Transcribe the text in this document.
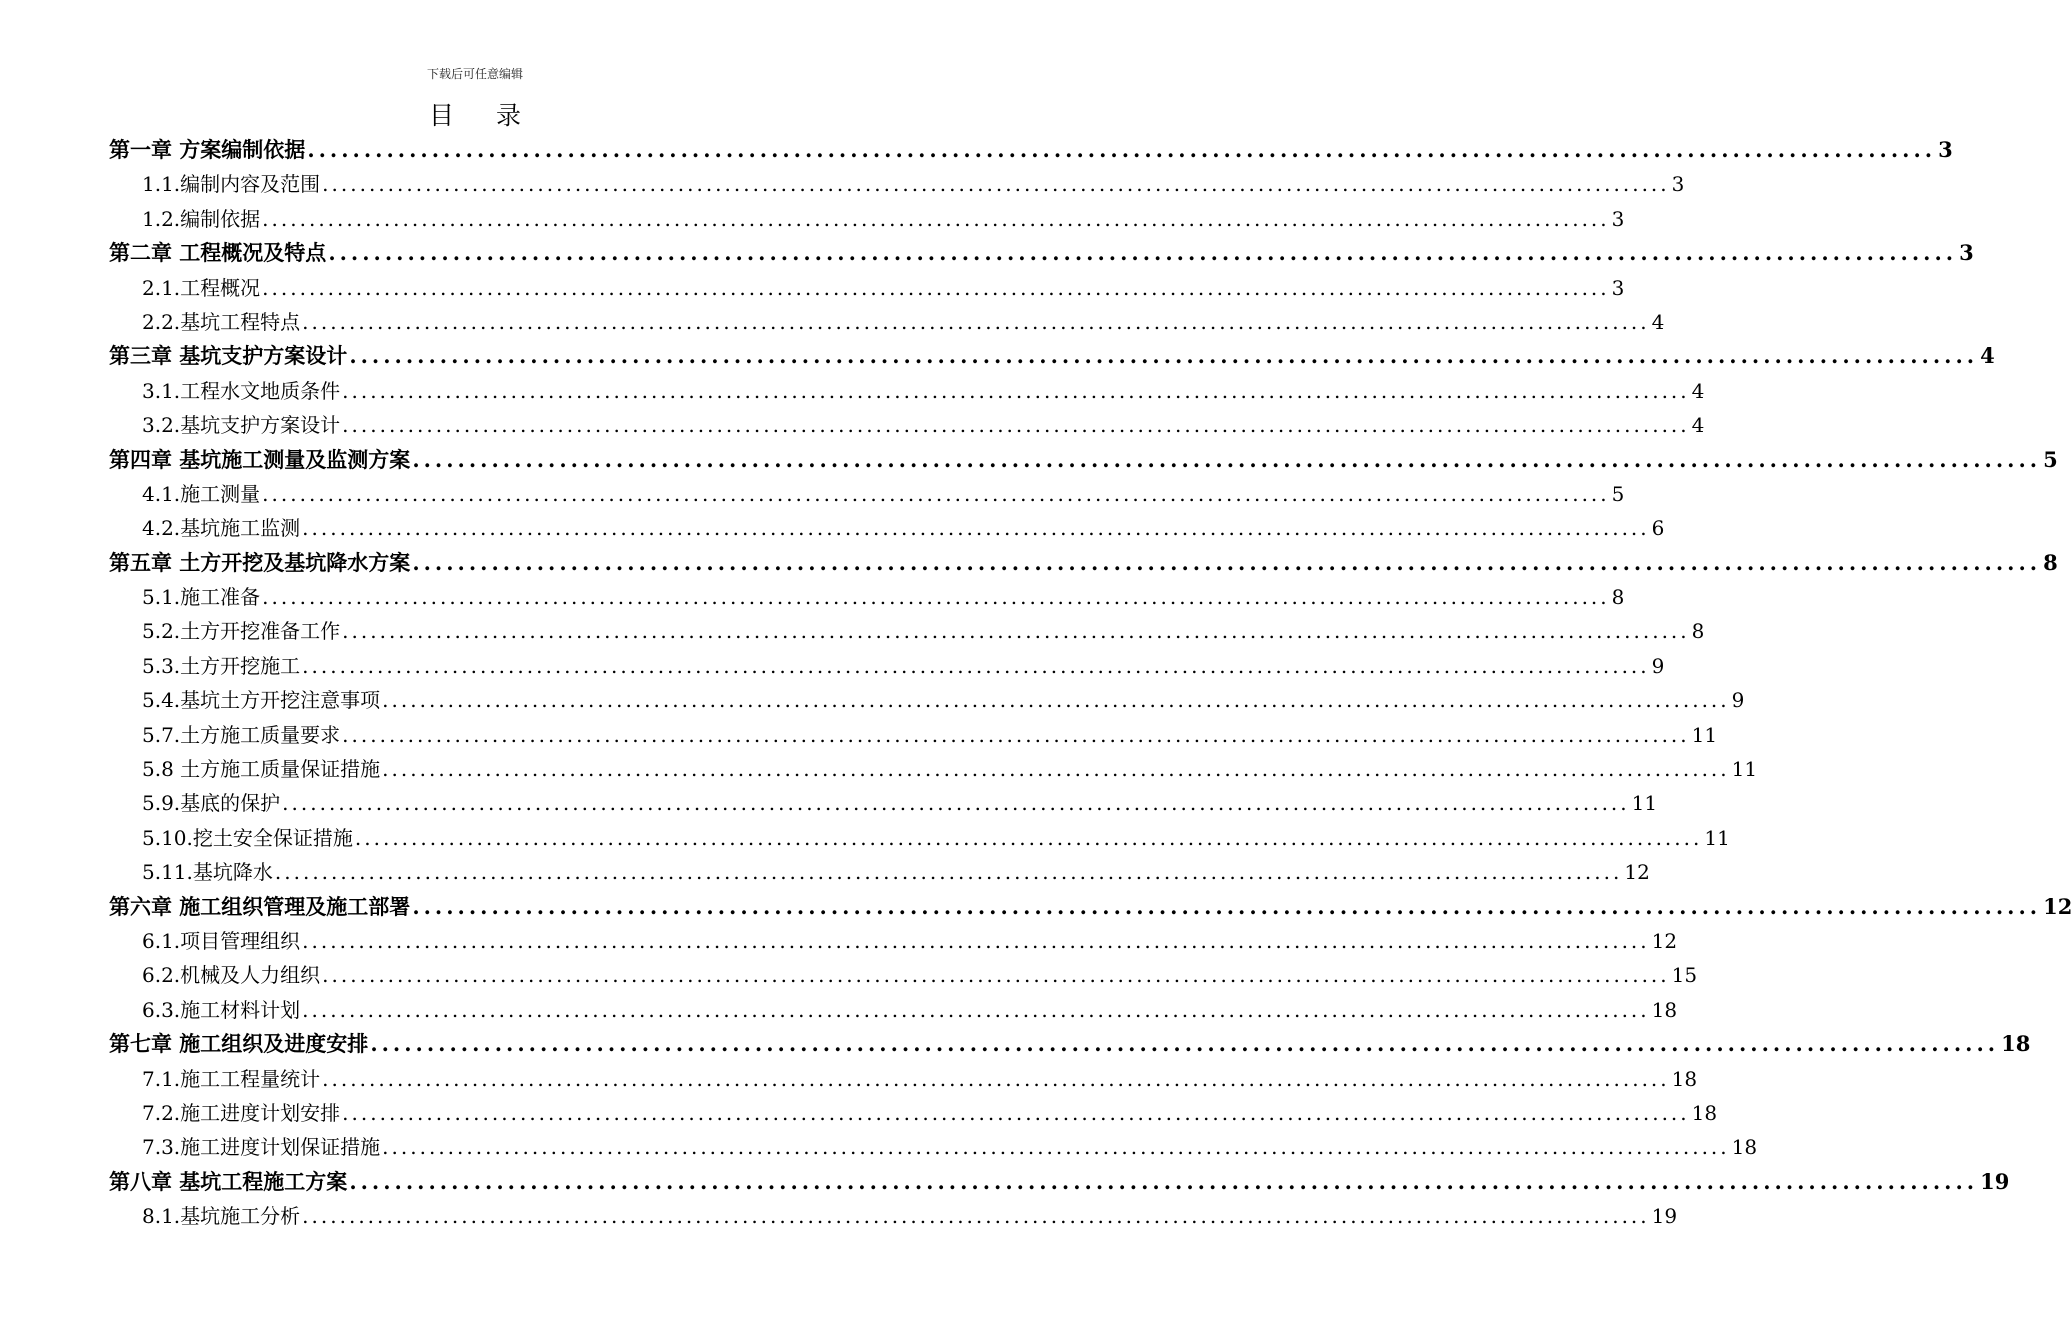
下载后可任意编辑
目录
第一章 方案编制依据 ................................................................................................................................................ 3
1.1.编制内容及范围 ................................................................................................................................................ 3
1.2.编制依据 ................................................................................................................................................ 3
第二章 工程概况及特点 ................................................................................................................................................ 3
2.1.工程概况 ................................................................................................................................................ 3
2.2.基坑工程特点 ................................................................................................................................................ 4
第三章 基坑支护方案设计 ................................................................................................................................................ 4
3.1.工程水文地质条件 ................................................................................................................................................ 4
3.2.基坑支护方案设计 ................................................................................................................................................ 4
第四章 基坑施工测量及监测方案 ................................................................................................................................................ 5
4.1.施工测量 ................................................................................................................................................ 5
4.2.基坑施工监测 ................................................................................................................................................ 6
第五章 土方开挖及基坑降水方案 ................................................................................................................................................ 8
5.1.施工准备 ................................................................................................................................................ 8
5.2.土方开挖准备工作 ................................................................................................................................................ 8
5.3.土方开挖施工 ................................................................................................................................................ 9
5.4.基坑土方开挖注意事项 ................................................................................................................................................ 9
5.7.土方施工质量要求 ................................................................................................................................................ 11
5.8 土方施工质量保证措施 ................................................................................................................................................ 11
5.9.基底的保护 ................................................................................................................................................ 11
5.10.挖土安全保证措施 ................................................................................................................................................ 11
5.11.基坑降水 ................................................................................................................................................ 12
第六章 施工组织管理及施工部署 ................................................................................................................................................ 12
6.1.项目管理组织 ................................................................................................................................................ 12
6.2.机械及人力组织 ................................................................................................................................................ 15
6.3.施工材料计划 ................................................................................................................................................ 18
第七章 施工组织及进度安排 ................................................................................................................................................ 18
7.1.施工工程量统计 ................................................................................................................................................ 18
7.2.施工进度计划安排 ................................................................................................................................................ 18
7.3.施工进度计划保证措施 ................................................................................................................................................ 18
第八章 基坑工程施工方案 ................................................................................................................................................ 19
8.1.基坑施工分析 ................................................................................................................................................ 19
